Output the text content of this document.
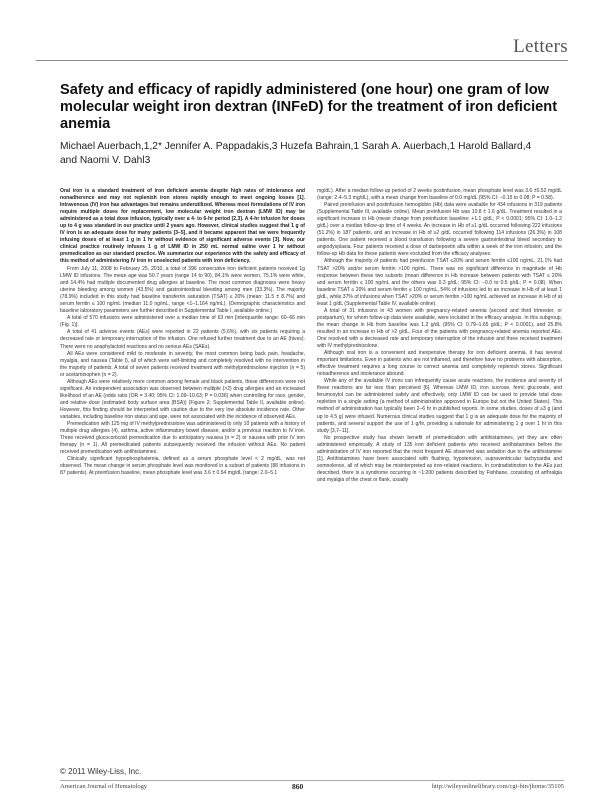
Letters
Safety and efficacy of rapidly administered (one hour) one gram of low molecular weight iron dextran (INFeD) for the treatment of iron deficient anemia
Michael Auerbach,1,2* Jennifer A. Pappadakis,3 Huzefa Bahrain,1 Sarah A. Auerbach,1 Harold Ballard,4 and Naomi V. Dahl3

Oral iron is a standard treatment of iron deficient anemia despite high rates of intolerance and nonadherence and may not replenish iron stores rapidly enough to meet ongoing losses [1]. Intravenous (IV) iron has advantages but remains underutilized. Whereas most formulations of IV iron require multiple doses for replacement, low molecular weight iron dextran (LMW ID) may be administered as a total dose infusion, typically over a 4- to 6-hr period [2,3]. A 4-hr infusion for doses up to 4 g was standard in our practice until 2 years ago. However, clinical studies suggest that 1 g of IV iron is an adequate dose for many patients [3–5], and it became apparent that we were frequently infusing doses of at least 1 g in 1 hr without evidence of significant adverse events [3]. Now, our clinical practice routinely infuses 1 g of LMW ID in 250 mL normal saline over 1 hr without premedication as our standard practice. We summarize our experience with the safety and efficacy of this method of administering IV iron in unselected patients with iron deficiency.

From July 11, 2008 to February 25, 2010, a total of 396 consecutive iron deficient patients received 1g LMW ID infusions. The mean age was 50.7 years (range 14 to 90), 84.1% were women, 75.1% were white, and 14.4% had multiple documented drug allergies at baseline. The most common diagnoses were heavy uterine bleeding among women (43.5%) and gastrointestinal bleeding among men (33.3%). The majority (78.9%) included in this study had baseline transferrin saturation (TSAT) ≤ 20% (mean: 11.5 ± 8.7%) and serum ferritin ≤ 100 ng/mL (median 11.0 ng/mL, range <1–1,164 ng/mL). (Demographic characteristics and baseline laboratory parameters are further described in Supplemental Table I, available online.)

A total of 570 infusions were administered over a median time of 63 min [interquartile range: 60–66 min (Fig. 1)].

A total of 41 adverse events (AEs) were reported in 22 patients (5.6%), with six patients requiring a decreased rate or temporary interruption of the infusion. One refused further treatment due to an AE (hives). There were no anaphylactoid reactions and no serious AEs (SAEs).

All AEs were considered mild to moderate in severity, the most common being back pain, headache, myalgia, and nausea (Table I), all of which were self-limiting and completely resolved with no intervention in the majority of patients. A total of seven patients received treatment with methylprednisolone injection (n = 5) or acetaminophen (n = 2).

Although AEs were relatively more common among female and black patients, these differences were not significant. An independent association was observed between multiple (>2) drug allergies and an increased likelihood of an AE (odds ratio (OR = 3.40; 95% CI: 1.09–10.63; P = 0.036) when controlling for race, gender, and relative dose (estimated body surface area (BSA)) (Figure 2; Supplemental Table II, available online). However, this finding should be interpreted with caution due to the very low absolute incidence rate. Other variables, including baseline iron status and age, were not associated with the incidence of observed AEs.

Premedication with 125 mg of IV methylprednisolone was administered to only 10 patients with a history of multiple drug allergies (4), asthma, active inflammatory bowel disease, and/or a previous reaction to IV iron. Three received glucocorticoid premedication due to anticipatory nausea (n = 2) or nausea with prior IV iron therapy (n = 1). All premedicated patients subsequently received the infusion without AEs. No patient received premedication with antihistamines.

Clinically significant hypophosphatemia, defined as a serum phosphate level < 2 mg/dL, was not observed. The mean change in serum phosphate level was monitored in a subset of patients (88 infusions in 87 patients). At preinfusion baseline, mean phosphate level was 3.6 ± 0.54 mg/dL (range: 2.0–5.1

mg/dL). After a median follow-up period of 2 weeks postinfusion, mean phosphate level was 3.6 ±0.52 mg/dL (range: 2.4–5.3 mg/dL), with a mean change from baseline of 0.0 mg/dL (95% CI: −0.15 to 0.08; P = 0.58).

Paired preinfusion and postinfusion hemoglobin (Hb) data were available for 434 infusions in 319 patients (Supplemental Table III, available online). Mean preinfusion Hb was 10.8 ± 1.6 g/dL. Treatment resulted in a significant increase in Hb (mean change from preinfusion baseline: +1.1 g/dL; P < 0.0001; 95% CI: 1.0–1.2 g/dL) over a median follow-up time of 4 weeks. An increase in Hb of ≥1 g/dL occurred following 222 infusions (51.2%) in 187 patients, and an increase in Hb of ≥2 g/dL occurred following 114 infusions (26.3%) in 108 patients. One patient received a blood transfusion following a severe gastrointestinal bleed secondary to angiodysplasia. Four patients received a dose of darbepoetin alfa within a week of the iron infusion, and the follow-up Hb data for these patients were excluded from the efficacy analyses.

Although the majority of patients had preinfusion TSAT ≤20% and serum ferritin ≤100 ng/mL, 21.1% had TSAT >20% and/or serum ferritin >100 ng/mL. There was no significant difference in magnitude of Hb response between these two subsets (mean difference in Hb increase between patients with TSAT ≤ 20% and serum ferritin ≤ 100 ng/mL and the others was 0.3 g/dL; 95% CI: −0.0 to 0.5 g/dL; P = 0.08). When baseline TSAT ≤ 20% and serum ferritin ≤ 100 ng/mL, 54% of infusions led to an increase in Hb of at least 1 g/dL, while 37% of infusions when TSAT >20% or serum ferritin >100 ng/mL achieved an increase in Hb of at least 1 g/dL (Supplemental Table IV, available online).

A total of 31 infusions in 43 women with pregnancy-related anemia (second and third trimester, or postpartum), for whom follow-up data were available, were included in the efficacy analysis. In this subgroup, the mean change in Hb from baseline was 1.2 g/dL (95% CI: 0.79–1.65 g/dL; P < 0.0001), and 25.8% resulted in an increase in Hb of >2 g/dL. Four of the patients with pregnancy-related anemia reported AEs. One resolved with a decreased rate and temporary interruption of the infusion and three received treatment with IV methylprednisolone.

Although oral iron is a convenient and inexpensive therapy for iron deficient anemia, it has several important limitations. Even in patients who are not inflamed, and therefore have no problems with absorption, effective treatment requires a long course to correct anemia and completely replenish stores. Significant nonadherence and intolerance abound.

While any of the available IV irons can infrequently cause acute reactions, the incidence and severity of these reactions are far less than perceived [6]. Whereas LMW ID, iron sucrose, ferric gluconate, and ferumoxytol can be administered safely and effectively, only LMW ID can be used to provide total dose repletion in a single setting (a method of administration approved in Europe but not the United States). This method of administration has typically been 2–6 hr in published reports. In some studies, doses of ≥3 g (and up to 4.5 g) were infused. Numerous clinical studies suggest that 1 g is an adequate dose for the majority of patients, and several support the use of 1 g/hr, providing a rationale for administering 1 g over 1 hr in this study [3,7–11].

No prospective study has shown benefit of premedication with antihistamines, yet they are often administered empirically. A study of 135 iron deficient patients who received antihistamines before the administration of IV iron reported that the most frequent AE observed was sedation due to the antihistamine [1]. Antihistamines have been associated with flushing, hypotension, supraventricular tachycardia and somnolence, all of which may be misinterpreted as iron-related reactions. In contradistinction to the AEs just described, there is a syndrome occurring in ~1:200 patients described by Fishbane, consisting of arthralgia and myalgia of the chest or flank, usually

© 2011 Wiley-Liss, Inc.
American Journal of Hematology	860	http://wileyonlinelibrary.com/cgi-bin/jhome/35105
